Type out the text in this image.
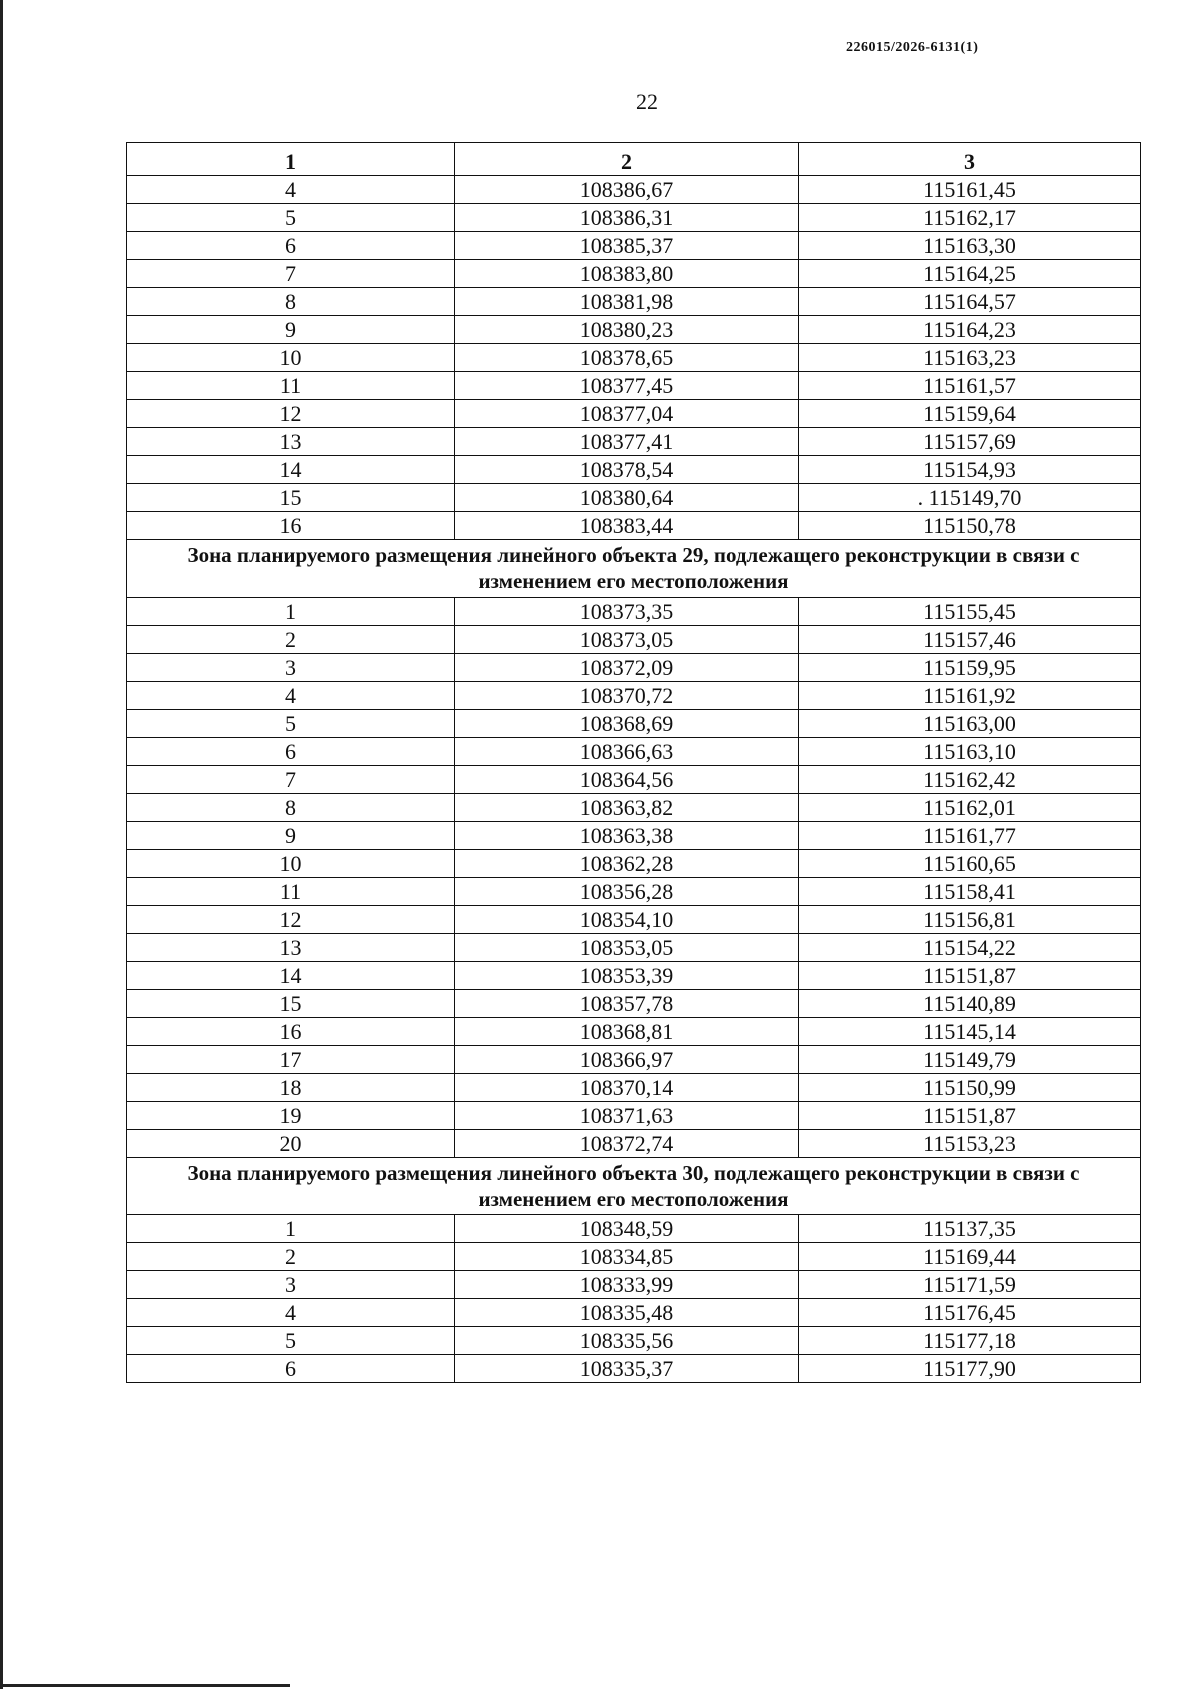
226015/2026-6131(1)
22
1	2	3
4	108386,67	115161,45
5	108386,31	115162,17
6	108385,37	115163,30
7	108383,80	115164,25
8	108381,98	115164,57
9	108380,23	115164,23
10	108378,65	115163,23
11	108377,45	115161,57
12	108377,04	115159,64
13	108377,41	115157,69
14	108378,54	115154,93
15	108380,64	. 115149,70
16	108383,44	115150,78
Зона планируемого размещения линейного объекта 29, подлежащего реконструкции в связи с изменением его местоположения		
1	108373,35	115155,45
2	108373,05	115157,46
3	108372,09	115159,95
4	108370,72	115161,92
5	108368,69	115163,00
6	108366,63	115163,10
7	108364,56	115162,42
8	108363,82	115162,01
9	108363,38	115161,77
10	108362,28	115160,65
11	108356,28	115158,41
12	108354,10	115156,81
13	108353,05	115154,22
14	108353,39	115151,87
15	108357,78	115140,89
16	108368,81	115145,14
17	108366,97	115149,79
18	108370,14	115150,99
19	108371,63	115151,87
20	108372,74	115153,23
Зона планируемого размещения линейного объекта 30, подлежащего реконструкции в связи с изменением его местоположения		
1	108348,59	115137,35
2	108334,85	115169,44
3	108333,99	115171,59
4	108335,48	115176,45
5	108335,56	115177,18
6	108335,37	115177,90
